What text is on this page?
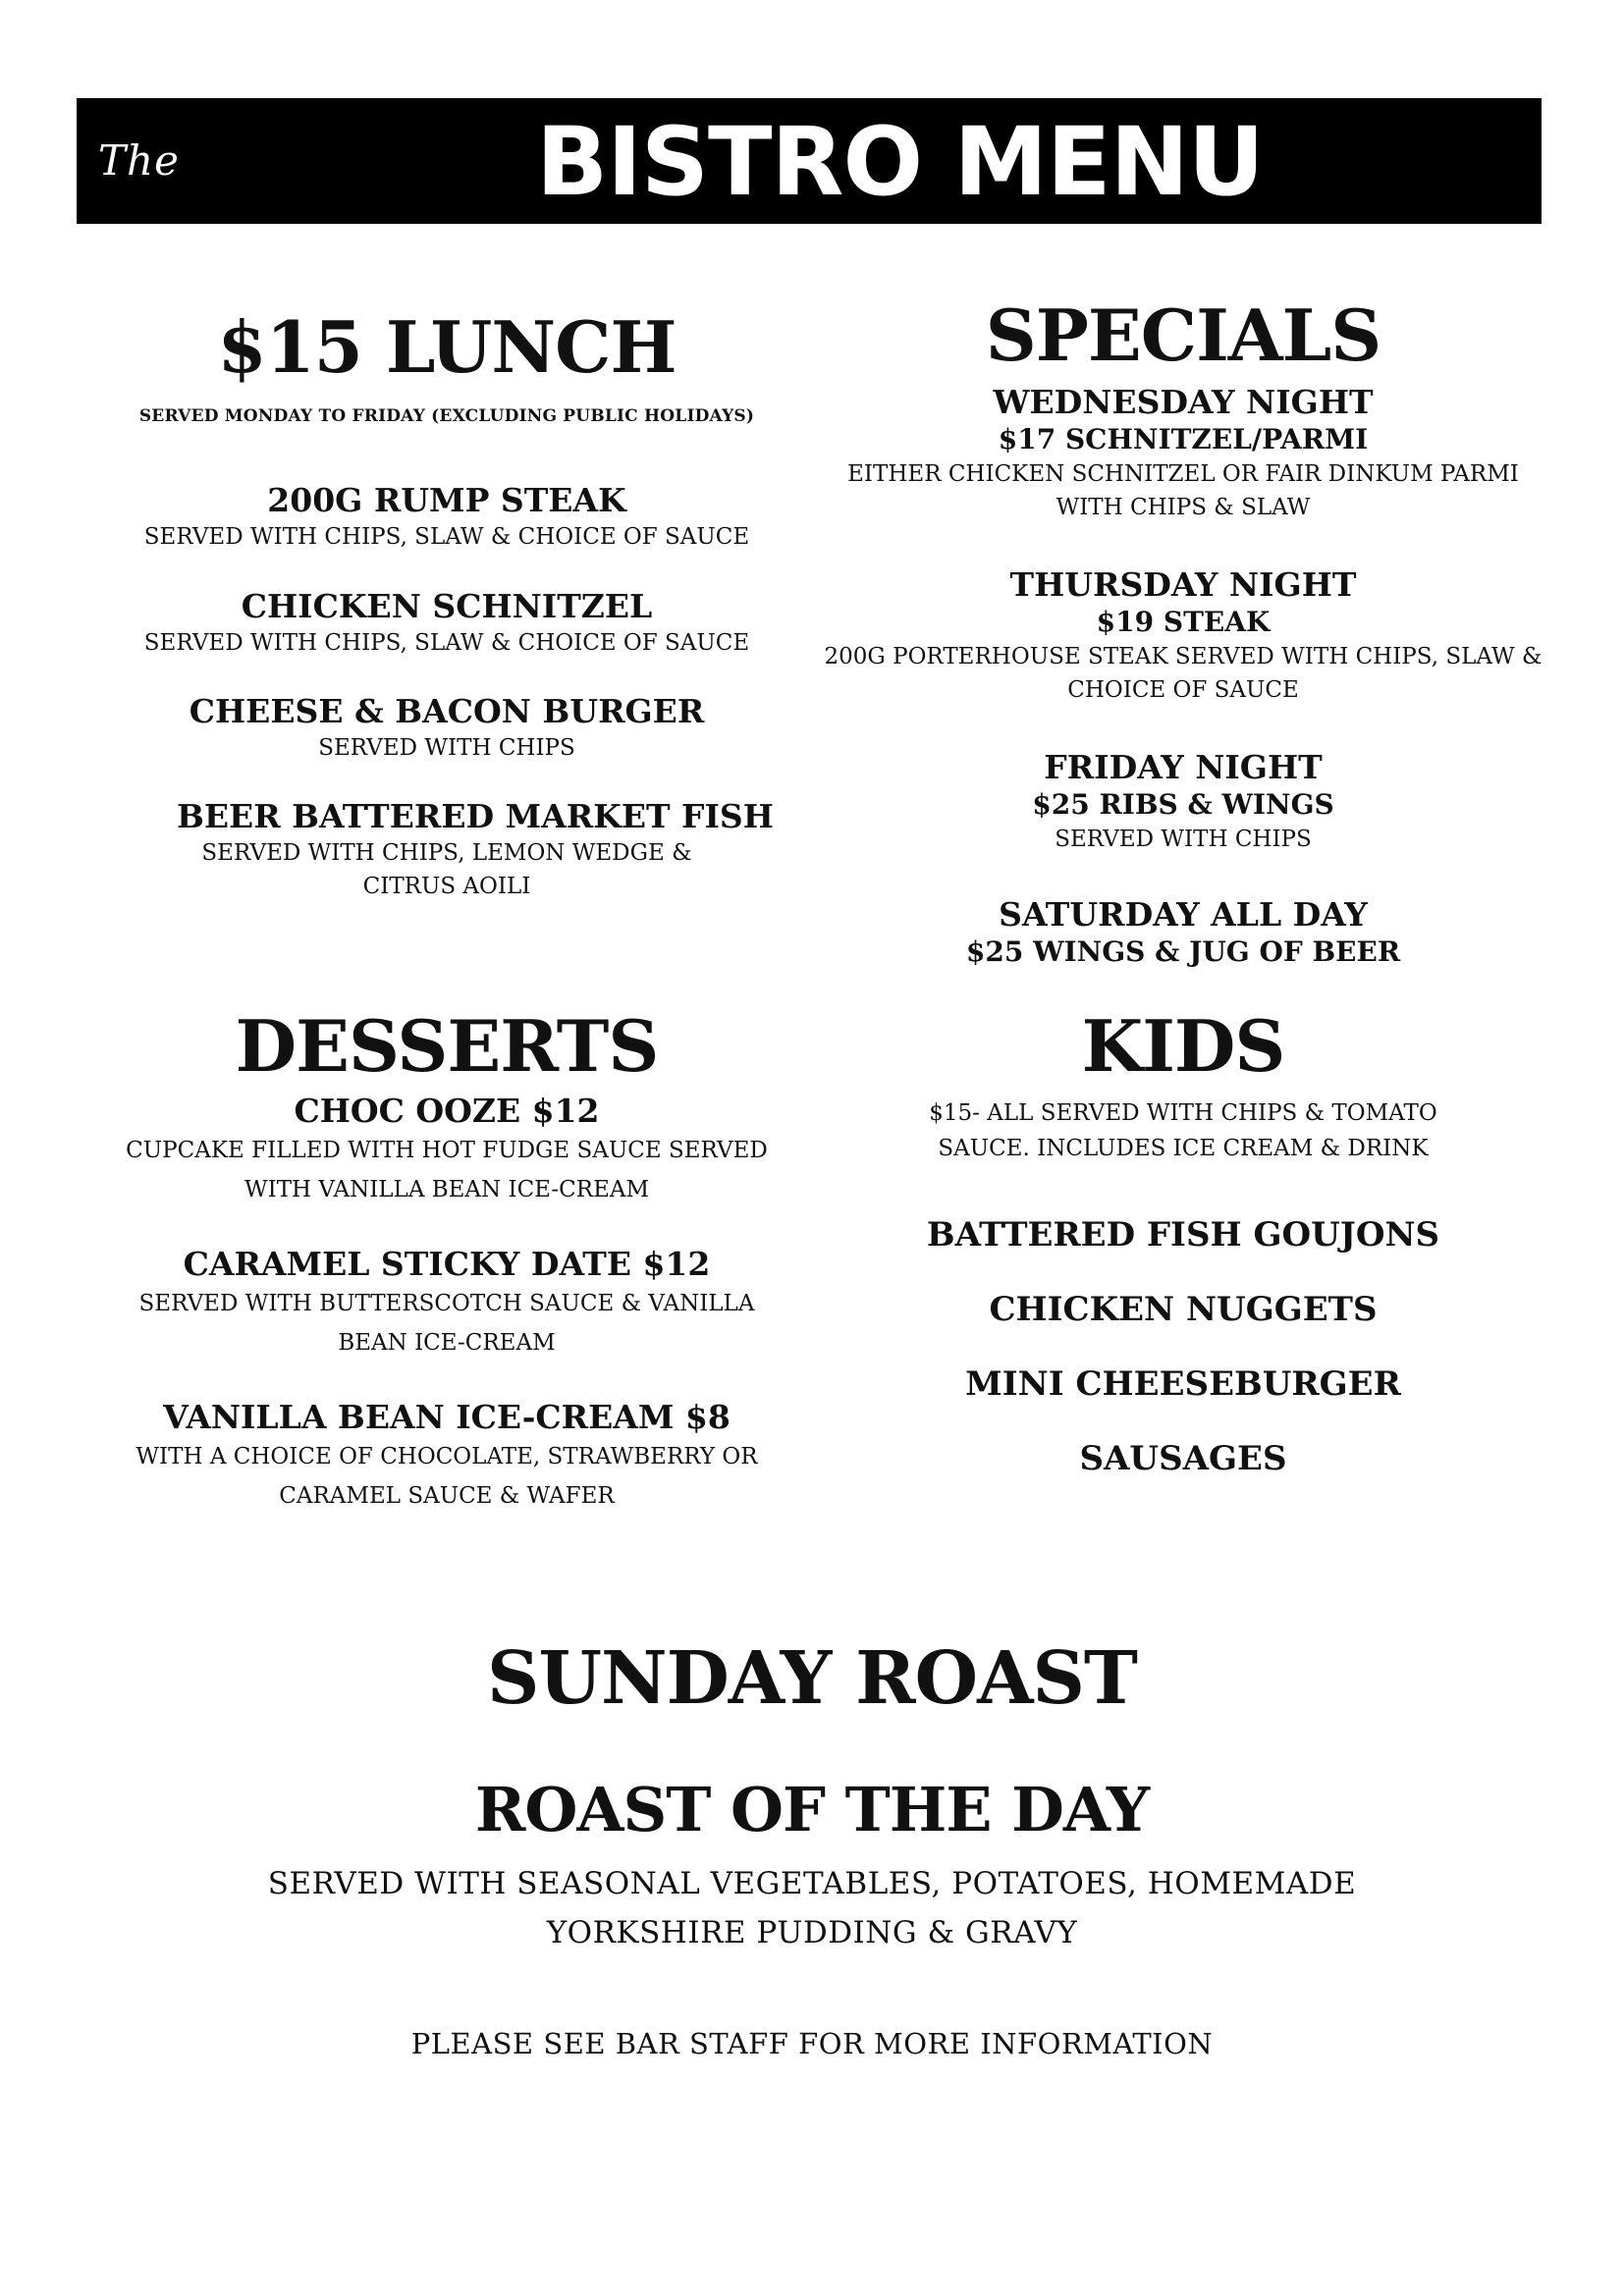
The Gordon
BISTRO MENU
$15 LUNCH
SERVED MONDAY TO FRIDAY (EXCLUDING PUBLIC HOLIDAYS)
200G RUMP STEAK
SERVED WITH CHIPS, SLAW & CHOICE OF SAUCE
CHICKEN SCHNITZEL
SERVED WITH CHIPS, SLAW & CHOICE OF SAUCE
CHEESE & BACON BURGER
SERVED WITH CHIPS
BEER BATTERED MARKET FISH
SERVED WITH CHIPS, LEMON WEDGE & CITRUS AOILI
SPECIALS
WEDNESDAY NIGHT
$17 SCHNITZEL/PARMI
EITHER CHICKEN SCHNITZEL OR FAIR DINKUM PARMI WITH CHIPS & SLAW
THURSDAY NIGHT
$19 STEAK
200G PORTERHOUSE STEAK SERVED WITH CHIPS, SLAW & CHOICE OF SAUCE
FRIDAY NIGHT
$25 RIBS & WINGS
SERVED WITH CHIPS
SATURDAY ALL DAY
$25 WINGS & JUG OF BEER
DESSERTS
CHOC OOZE $12
CUPCAKE FILLED WITH HOT FUDGE SAUCE SERVED WITH VANILLA BEAN ICE-CREAM
CARAMEL STICKY DATE $12
SERVED WITH BUTTERSCOTCH SAUCE & VANILLA BEAN ICE-CREAM
VANILLA BEAN ICE-CREAM $8
WITH A CHOICE OF CHOCOLATE, STRAWBERRY OR CARAMEL SAUCE & WAFER
KIDS
$15- ALL SERVED WITH CHIPS & TOMATO SAUCE. INCLUDES ICE CREAM & DRINK
BATTERED FISH GOUJONS
CHICKEN NUGGETS
MINI CHEESEBURGER
SAUSAGES
SUNDAY ROAST
ROAST OF THE DAY
SERVED WITH SEASONAL VEGETABLES, POTATOES, HOMEMADE YORKSHIRE PUDDING & GRAVY
PLEASE SEE BAR STAFF FOR MORE INFORMATION
